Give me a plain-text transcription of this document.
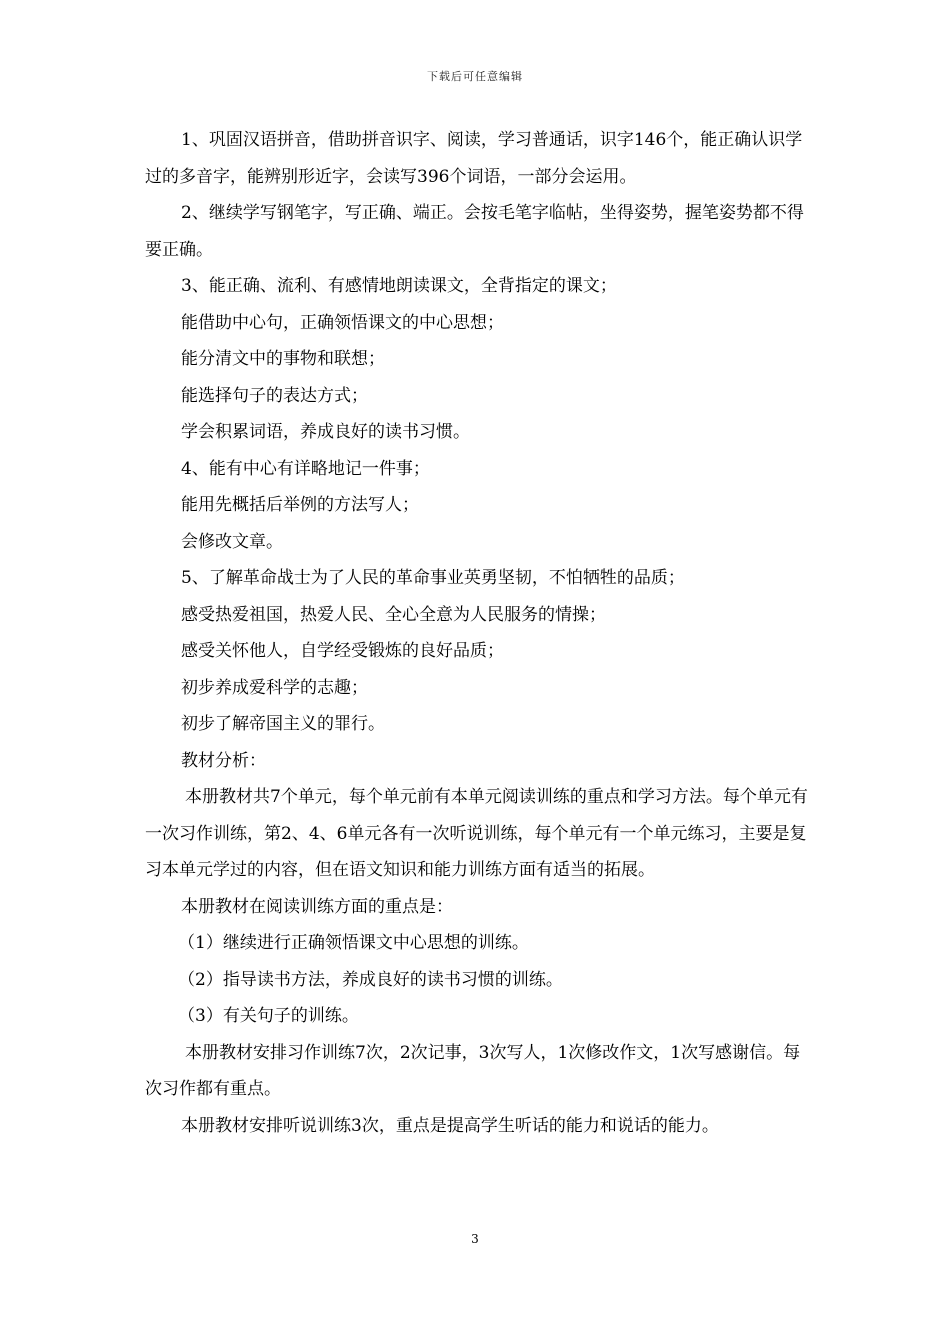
下载后可任意编辑

1、巩固汉语拼音，借助拼音识字、阅读，学习普通话，识字146个，能正确认识学过的多音字，能辨别形近字，会读写396个词语，一部分会运用。

2、继续学写钢笔字，写正确、端正。会按毛笔字临帖，坐得姿势，握笔姿势都不得要正确。

3、能正确、流利、有感情地朗读课文，全背指定的课文；

能借助中心句，正确领悟课文的中心思想；

能分清文中的事物和联想；

能选择句子的表达方式；

学会积累词语，养成良好的读书习惯。

4、能有中心有详略地记一件事；

能用先概括后举例的方法写人；

会修改文章。

5、了解革命战士为了人民的革命事业英勇坚韧，不怕牺牲的品质；

感受热爱祖国，热爱人民、全心全意为人民服务的情操；

感受关怀他人，自学经受锻炼的良好品质；

初步养成爱科学的志趣；

初步了解帝国主义的罪行。

教材分析：

本册教材共7个单元，每个单元前有本单元阅读训练的重点和学习方法。每个单元有一次习作训练，第2、4、6单元各有一次听说训练，每个单元有一个单元练习，主要是复习本单元学过的内容，但在语文知识和能力训练方面有适当的拓展。

本册教材在阅读训练方面的重点是：

（1）继续进行正确领悟课文中心思想的训练。

（2）指导读书方法，养成良好的读书习惯的训练。

（3）有关句子的训练。

本册教材安排习作训练7次，2次记事，3次写人，1次修改作文，1次写感谢信。每次习作都有重点。

本册教材安排听说训练3次，重点是提高学生听话的能力和说话的能力。

3
